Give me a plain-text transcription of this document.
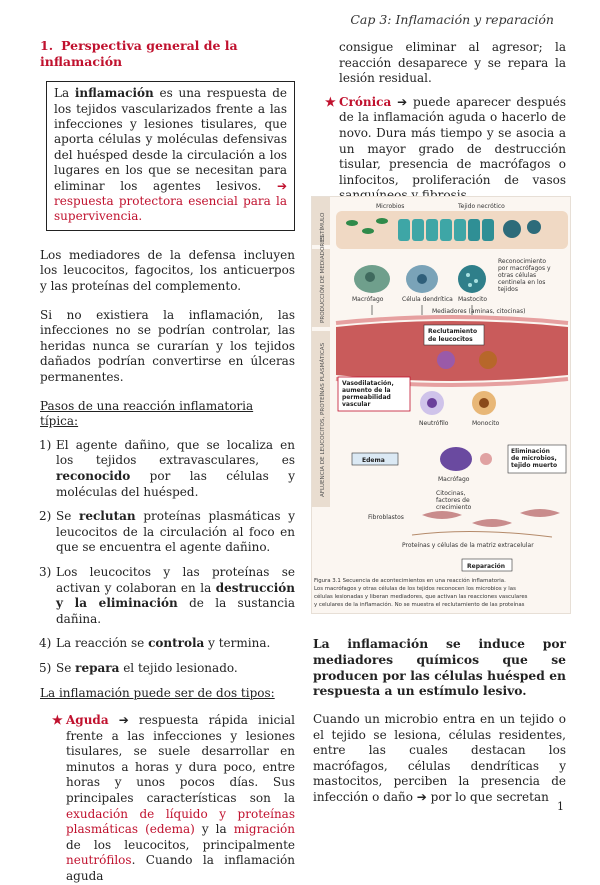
Cap 3: Inflamación y reparación
1. Perspectiva general de la inflamación
La inflamación es una respuesta de los tejidos vascularizados frente a las infecciones y lesiones tisulares, que aporta células y moléculas defensivas del huésped desde la circulación a los lugares en los que se necesitan para eliminar los agentes lesivos. ➔ respuesta protectora esencial para la supervivencia.

Los mediadores de la defensa incluyen los leucocitos, fagocitos, los anticuerpos y las proteínas del complemento.

Si no existiera la inflamación, las infecciones no se podrían controlar, las heridas nunca se curarían y los tejidos dañados podrían convertirse en úlceras permanentes.

Pasos de una reacción inflamatoria típica:

1) El agente dañino, que se localiza en los tejidos extravasculares, es reconocido por las células y moléculas del huésped.
2) Se reclutan proteínas plasmáticas y leucocitos de la circulación al foco en que se encuentra el agente dañino.
3) Los leucocitos y las proteínas se activan y colaboran en la destrucción y la eliminación de la sustancia dañina.
4) La reacción se controla y termina.
5) Se repara el tejido lesionado.

La inflamación puede ser de dos tipos:

★ Aguda ➔ respuesta rápida inicial frente a las infecciones y lesiones tisulares, se suele desarrollar en minutos a horas y dura poco, entre horas y unos pocos días. Sus principales características son la exudación de líquido y proteínas plasmáticas (edema) y la migración de los leucocitos, principalmente neutrófilos. Cuando la inflamación aguda

consigue eliminar al agresor; la reacción desaparece y se repara la lesión residual.

★ Crónica ➔ puede aparecer después de la inflamación aguda o hacerlo de novo. Dura más tiempo y se asocia a un mayor grado de destrucción tisular, presencia de macrófagos o linfocitos, proliferación de vasos
ESTÍMULO
PRODUCCIÓN DE MEDIADORES
AFLUENCIA DE LEUCOCITOS, PROTEÍNAS PLASMÁTICAS
Microbios	Tejido necrótico
Macrófago	Célula dendrítica Mastocito
Reconocimiento por macrófagos y otras células centinela en los tejidos
Mediadores (aminas, citocinas)
Reclutamiento de leucocitos
Neutrófilo	Monocito
Vasodilatación, aumento de la permeabilidad vascular
Edema
Macrófago
Eliminación de microbios, tejido muerto
Citocinas, factores de crecimiento
Fibroblastos
Proteínas y células de la matriz extracelular
Reparación
Figura 3.1 Secuencia de acontecimientos en una reacción inflamatoria.
Los macrófagos y otras células de los tejidos reconocen los microbios y las
células lesionadas y liberan mediadores, que activan las reacciones vasculares
y celulares de la inflamación. No se muestra el reclutamiento de las proteínas

La inflamación se induce por mediadores químicos que se producen por las células huésped en respuesta a un estímulo lesivo.

Cuando un microbio entra en un tejido o el tejido se lesiona, células residentes, entre las cuales destacan los macrófagos, células dendríticas y mastocitos, perciben la presencia de infección o daño ➔ por lo que secretan

1
